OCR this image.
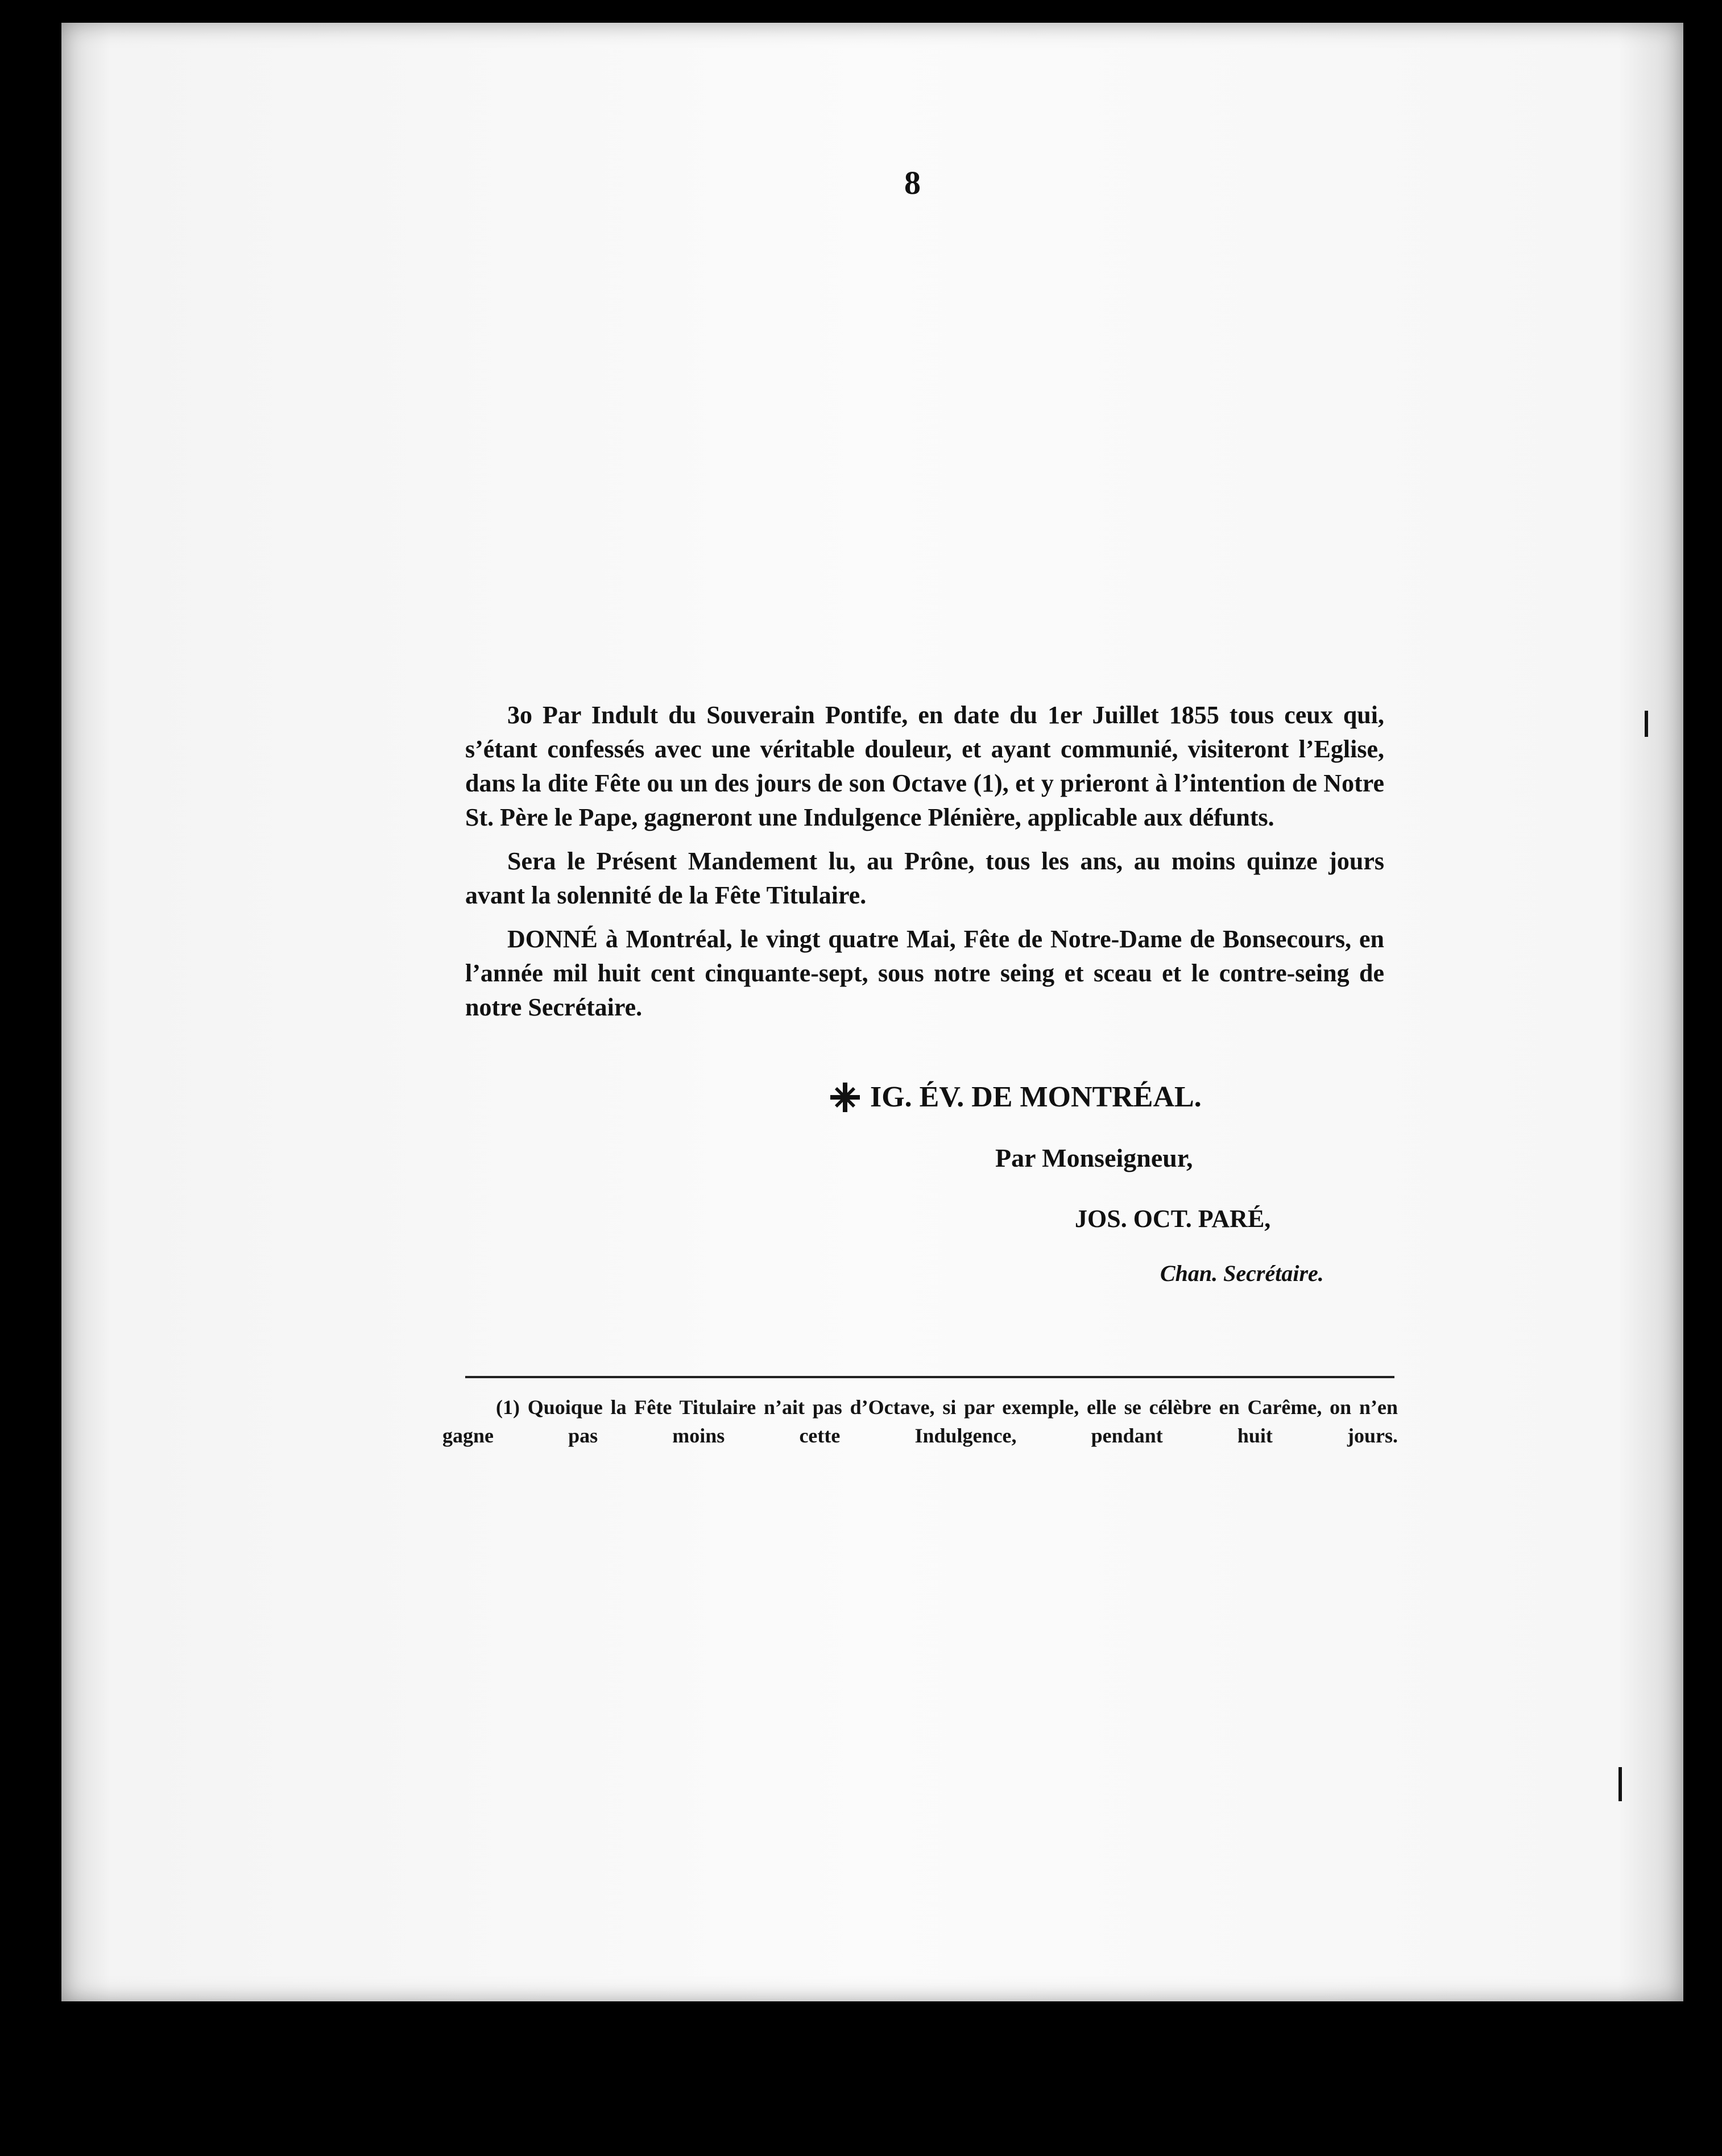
8

3o Par Indult du Souverain Pontife, en date du 1er Juillet 1855 tous ceux qui, s’étant confessés avec une véritable douleur, et ayant communié, visiteront l’Eglise, dans la dite Fête ou un des jours de son Octave (1), et y prieront à l’intention de Notre St. Père le Pape, gagneront une Indulgence Plénière, applicable aux défunts.

Sera le Présent Mandement lu, au Prône, tous les ans, au moins quinze jours avant la solennité de la Fête Titulaire.

DONNÉ à Montréal, le vingt quatre Mai, Fête de Notre-Dame de Bonsecours, en l’année mil huit cent cinquante-sept, sous notre seing et sceau et le contre-seing de notre Secrétaire.

IG. ÉV. DE MONTRÉAL.
Par Monseigneur,
JOS. OCT. PARÉ,
Chan. Secrétaire.
(1) Quoique la Fête Titulaire n’ait pas d’Octave, si par exemple, elle se célèbre en Carême, on n’en gagne pas moins cette Indulgence, pendant huit jours.
